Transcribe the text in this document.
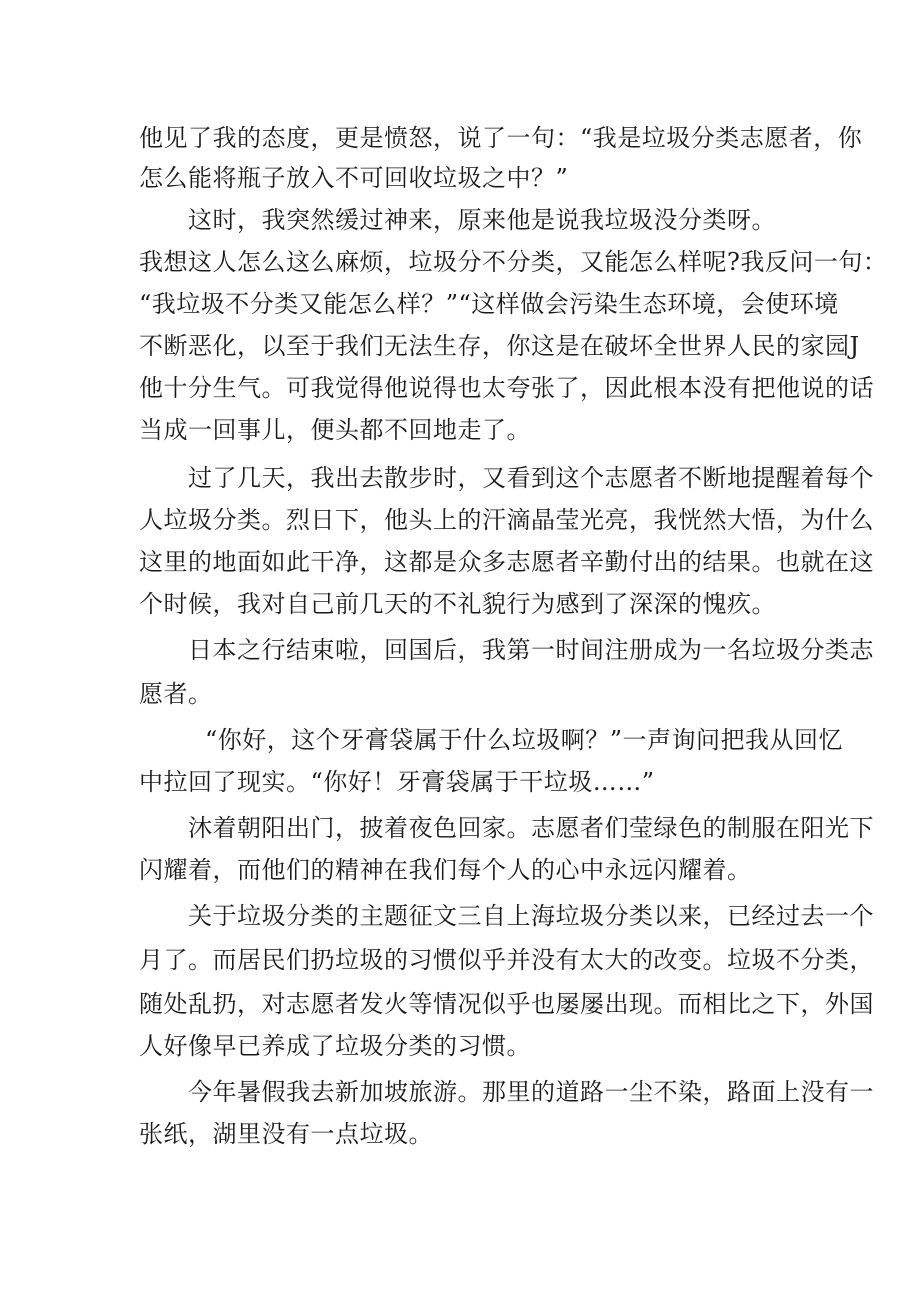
他见了我的态度，更是愤怒，说了一句：“我是垃圾分类志愿者，你
怎么能将瓶子放入不可回收垃圾之中？”
这时，我突然缓过神来，原来他是说我垃圾没分类呀。
我想这人怎么这么麻烦，垃圾分不分类，又能怎么样呢?我反问一句：
“我垃圾不分类又能怎么样？”“这样做会污染生态环境，会使环境
不断恶化，以至于我们无法生存，你这是在破坏全世界人民的家园J
他十分生气。可我觉得他说得也太夸张了，因此根本没有把他说的话
当成一回事儿，便头都不回地走了。
过了几天，我出去散步时，又看到这个志愿者不断地提醒着每个
人垃圾分类。烈日下，他头上的汗滴晶莹光亮，我恍然大悟，为什么
这里的地面如此干净，这都是众多志愿者辛勤付出的结果。也就在这
个时候，我对自己前几天的不礼貌行为感到了深深的愧疚。
日本之行结束啦，回国后，我第一时间注册成为一名垃圾分类志
愿者。
“你好，这个牙膏袋属于什么垃圾啊？”一声询问把我从回忆
中拉回了现实。“你好！牙膏袋属于干垃圾……”
沐着朝阳出门，披着夜色回家。志愿者们莹绿色的制服在阳光下
闪耀着，而他们的精神在我们每个人的心中永远闪耀着。
关于垃圾分类的主题征文三自上海垃圾分类以来，已经过去一个
月了。而居民们扔垃圾的习惯似乎并没有太大的改变。垃圾不分类，
随处乱扔，对志愿者发火等情况似乎也屡屡出现。而相比之下，外国
人好像早已养成了垃圾分类的习惯。
今年暑假我去新加坡旅游。那里的道路一尘不染，路面上没有一
张纸，湖里没有一点垃圾。
